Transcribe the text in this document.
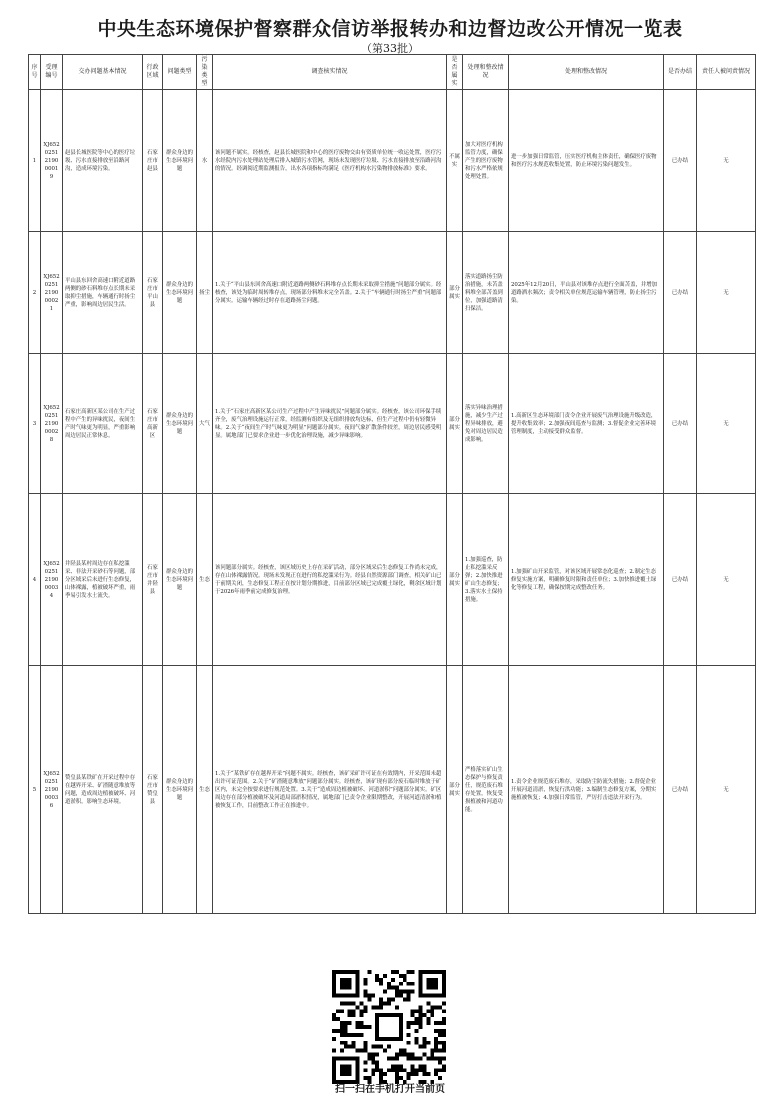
中央生态环境保护督察群众信访举报转办和边督边改公开情况一览表
（第33批）
序号	受理编号	交办问题基本情况	行政区域	问题类型	污染类型	调查核实情况	是否属实	处理和整改情况		处理和整改情况	是否办结	责任人被问责情况
1	XJ6520251219000019	赵县长城医院等中心的医疗垃圾、污水直接排放至沿路河沟，造成环境污染。	石家庄市赵县	群众身边的生态环境问题	水	该问题不属实。经核查，赵县长城医院和中心的医疗废物交由有资质单位统一收运处置，医疗污水经院内污水处理站处理后排入城镇污水管网，现场未发现医疗垃圾、污水直接排放至沿路河沟的情况。经调阅近期监测报告，出水各项指标均满足《医疗机构水污染物排放标准》要求。	不属实	加大对医疗机构监管力度，确保产生的医疗废物和污水严格依规处理处置。		进一步加强日常监管，压实医疗机构主体责任，确保医疗废物和医疗污水规范收集处置，防止环境污染问题发生。	已办结	无
2	XJ6520251219000021	平山县东回舍高速口附近道路两侧的砂石料堆存点长期未采取抑尘措施，车辆通行时扬尘严重，影响周边居民生活。	石家庄市平山县	群众身边的生态环境问题	扬尘	1.关于“平山县东回舍高速口附近道路两侧砂石料堆存点长期未采取抑尘措施”问题部分属实。经核查，该处为临时周转堆存点，现场部分料堆未完全苫盖。2.关于“车辆通行时扬尘严重”问题部分属实。运输车辆经过时存在道路扬尘问题。	部分属实	落实道路扬尘防治措施，未苫盖料堆全部苫盖到位，加强道路清扫保洁。		2025年12月20日，平山县对该堆存点进行全面苫盖，并增加道路洒水频次；责令相关单位规范运输车辆管理，防止扬尘污染。	已办结	无
3	XJ6520251219000028	石家庄高新区某公司在生产过程中产生的异味扰民，夜间生产时气味更为明显，严重影响周边居民正常休息。	石家庄市高新区	群众身边的生态环境问题	大气	1.关于“石家庄高新区某公司生产过程中产生异味扰民”问题部分属实。经核查，该公司环保手续齐全，废气治理设施运行正常，经监测有组织及无组织排放均达标，但生产过程中仍有轻微异味。2.关于“夜间生产时气味更为明显”问题部分属实。夜间气象扩散条件较差，周边居民感受明显。属地部门已要求企业进一步优化治理设施，减少异味影响。	部分属实	落实异味治理措施，减少生产过程异味排放，避免对周边居民造成影响。		1.高新区生态环境部门责令企业开展废气治理设施升级改造，提升收集效率；2.加强夜间巡查与监测；3.督促企业完善环境管理制度，主动接受群众监督。	已办结	无
4	XJ6520251219000034	井陉县某村周边存在私挖滥采、非法开采砂石等问题，部分区域采后未进行生态修复，山体裸露，植被破坏严重，雨季易引发水土流失。	石家庄市井陉县	群众身边的生态环境问题	生态	该问题部分属实。经核查，该区域历史上存在采矿活动，部分区域采后生态修复工作尚未完成，存在山体裸露情况。现场未发现正在进行的私挖滥采行为。经县自然资源部门调查，相关矿山已于前期关闭，生态修复工程正在按计划分期推进，目前部分区域已完成覆土绿化，剩余区域计划于2026年雨季前完成修复治理。	部分属实	1.加强巡查，防止私挖滥采反弹；2.加快推进矿山生态修复；3.落实水土保持措施。		1.加强矿山开采监管，对该区域开展常态化巡查；2.制定生态修复实施方案，明确修复时限和责任单位；3.加快推进覆土绿化等修复工程，确保按期完成整改任务。	已办结	无
5	XJ6520251219000036	赞皇县某铁矿在开采过程中存在越界开采、矿渣随意堆放等问题，造成周边植被破坏、河道淤积，影响生态环境。	石家庄市赞皇县	群众身边的生态环境问题	生态	1.关于“某铁矿存在越界开采”问题不属实。经核查，该矿采矿许可证在有效期内，开采范围未超出许可证范围。2.关于“矿渣随意堆放”问题部分属实。经核查，该矿现有部分废石临时堆放于矿区内，未完全按要求进行规范处置。3.关于“造成周边植被破坏、河道淤积”问题部分属实。矿区周边存在部分植被破坏及河道局部淤积情况，属地部门已责令企业限期整改，开展河道清淤和植被恢复工作，目前整改工作正在推进中。	部分属实	严格落实矿山生态保护与修复责任，规范废石堆存处置，恢复受损植被和河道功能。		1.责令企业规范废石堆存，采取防尘防流失措施；2.督促企业开展河道清淤，恢复行洪功能；3.编制生态修复方案，分期实施植被恢复；4.加强日常监管，严厉打击违法开采行为。	已办结	无
扫一扫在手机打开当前页
